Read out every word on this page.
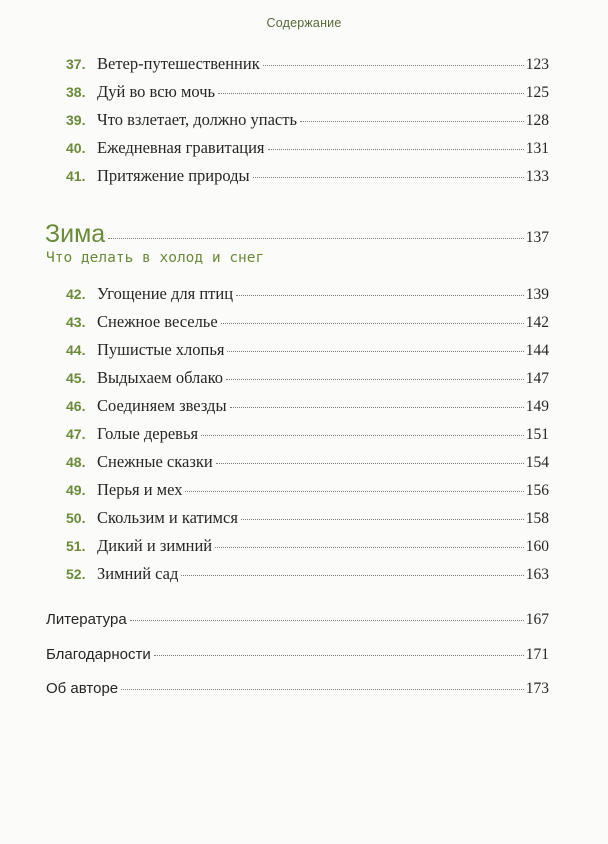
Содержание
37. Ветер-путешественник	123
38. Дуй во всю мочь	125
39. Что взлетает, должно упасть	128
40. Ежедневная гравитация	131
41. Притяжение природы	133
Зима	137
Что делать в холод и снег
42. Угощение для птиц	139
43. Снежное веселье	142
44. Пушистые хлопья	144
45. Выдыхаем облако	147
46. Соединяем звезды	149
47. Голые деревья	151
48. Снежные сказки	154
49. Перья и мех	156
50. Скользим и катимся	158
51. Дикий и зимний	160
52. Зимний сад	163
Литература	167
Благодарности	171
Об авторе	173
